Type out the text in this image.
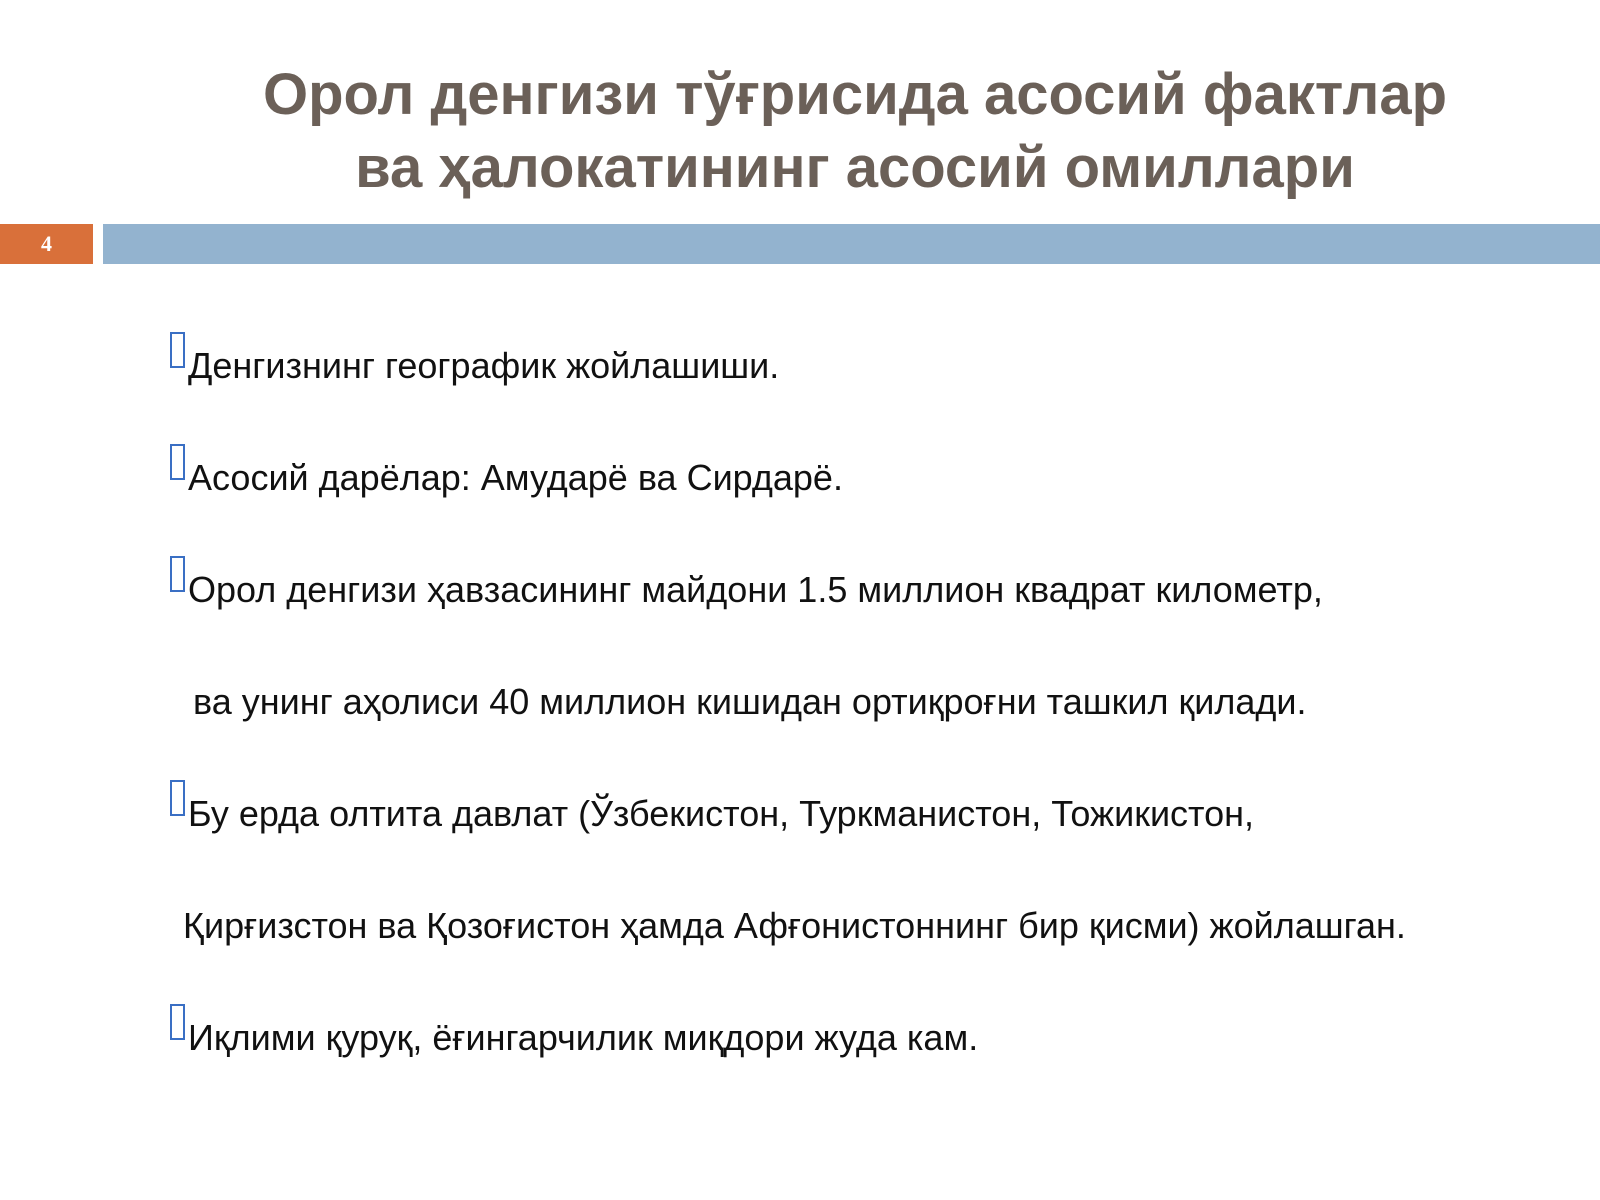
Орол денгизи тўғрисида асосий фактлар
ва ҳалокатининг асосий омиллари
4
Денгизнинг географик жойлашиши.
Асосий дарёлар: Амударё ва Сирдарё.
Орол денгизи ҳавзасининг майдони 1.5 миллион квадрат километр,
ва унинг аҳолиси 40 миллион кишидан ортиқроғни ташкил қилади.
Бу ерда олтита давлат (Ўзбекистон, Туркманистон, Тожикистон,
Қирғизстон ва Қозоғистон ҳамда Афғонистоннинг бир қисми) жойлашган.
Иқлими қуруқ, ёғингарчилик миқдори жуда кам.
